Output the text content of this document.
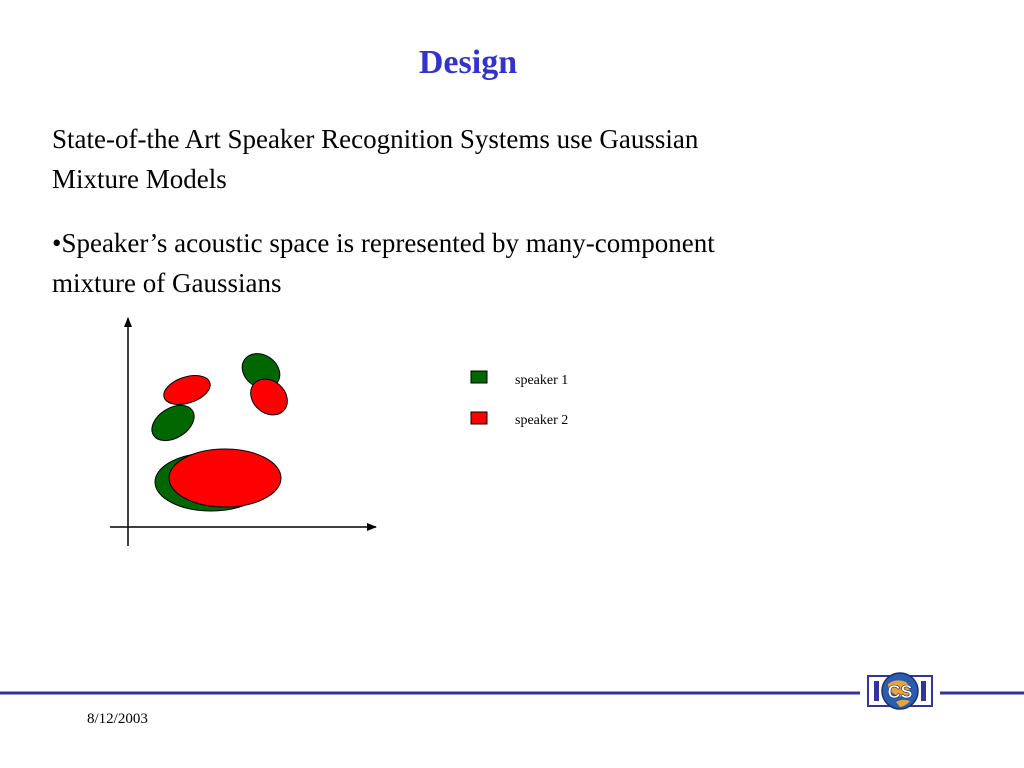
Design

State-of-the Art Speaker Recognition Systems use Gaussian Mixture Models

•Speaker’s acoustic space is represented by many-component mixture of Gaussians

speaker 1
speaker 2
8/12/2003
CS
